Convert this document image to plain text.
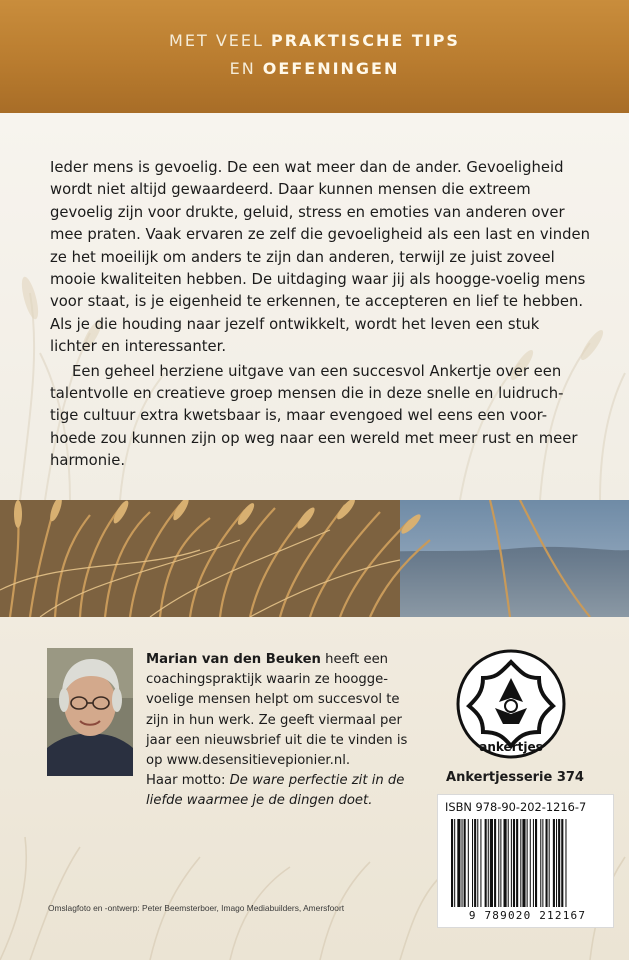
MET VEEL PRAKTISCHE TIPS
EN OEFENINGEN

Ieder mens is gevoelig. De een wat meer dan de ander. Gevoeligheid wordt niet altijd gewaardeerd. Daar kunnen mensen die extreem gevoelig zijn voor drukte, geluid, stress en emoties van anderen over mee praten. Vaak ervaren ze zelf die gevoeligheid als een last en vinden ze het moeilijk om anders te zijn dan anderen, terwijl ze juist zoveel mooie kwaliteiten hebben. De uitdaging waar jij als hoogge-voelig mens voor staat, is je eigenheid te erkennen, te accepteren en lief te hebben. Als je die houding naar jezelf ontwikkelt, wordt het leven een stuk lichter en interessanter.

Een geheel herziene uitgave van een succesvol Ankertje over een talentvolle en creatieve groep mensen die in deze snelle en luidruch-tige cultuur extra kwetsbaar is, maar evengoed wel eens een voor-hoede zou kunnen zijn op weg naar een wereld met meer rust en meer harmonie.

Marian van den Beuken heeft een coachingspraktijk waarin ze hoogge-voelige mensen helpt om succesvol te zijn in hun werk. Ze geeft viermaal per jaar een nieuwsbrief uit die te vinden is op www.desensitievepionier.nl.
Haar motto: De ware perfectie zit in de liefde waarmee je de dingen doet.
ankertjes
Ankertjesserie 374
ISBN 978-90-202-1216-7
9 789020 212167
Omslagfoto en -ontwerp: Peter Beemsterboer, Imago Mediabuilders, Amersfoort
